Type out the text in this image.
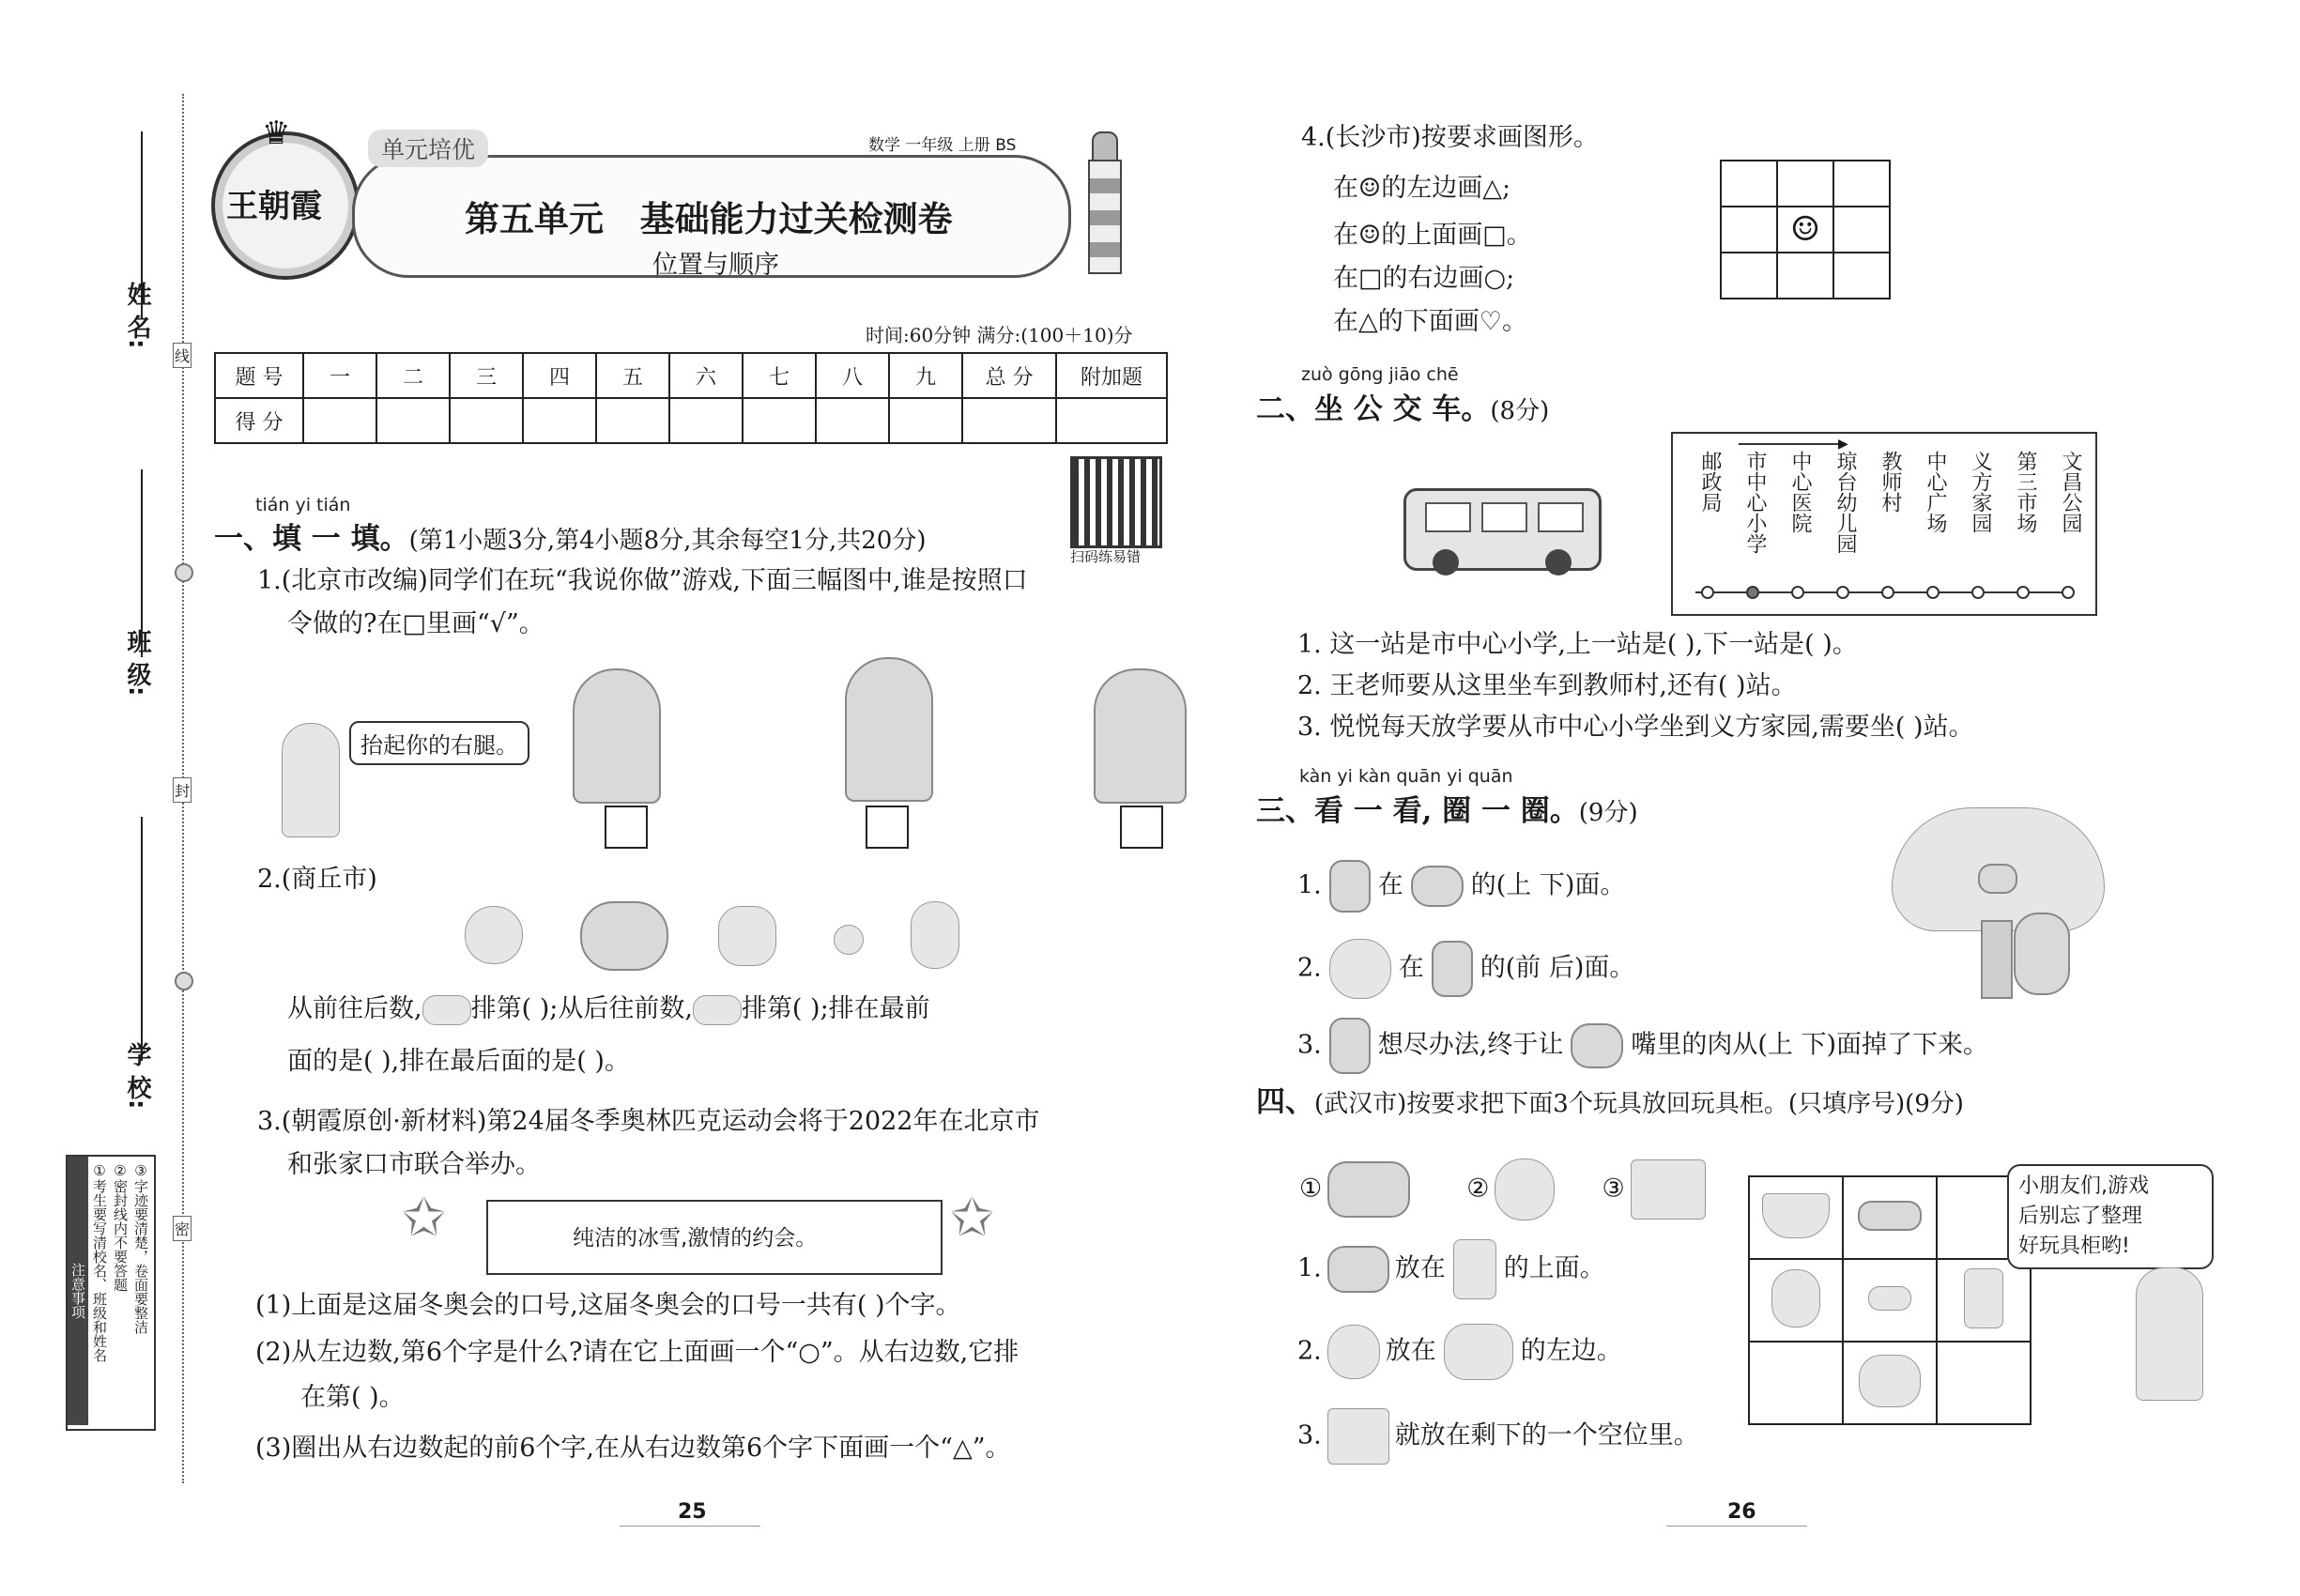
姓 名:
班 级:
学 校:
线
封
密
注意事项 ①考生要写清校名、班级和姓名 ②密封线内不要答题 ③字迹要清楚，卷面要整洁
♛
王朝霞
单元培优	数学 一年级 上册 BS
第五单元   基础能力过关检测卷
位置与顺序
时间:60分钟 满分:(100＋10)分
题 号	一	二	三	四	五	六	七	八	九	总 分	附加题
得 分											
扫码练易错
tián yi tián
一、填 一 填。(第1小题3分,第4小题8分,其余每空1分,共20分)
1.(北京市改编)同学们在玩“我说你做”游戏,下面三幅图中,谁是按照口
令做的?在□里画“√”。
抬起你的右腿。
2.(商丘市)
从前往后数, 排第( );从后往前数, 排第( );排在最前
面的是( ),排在最后面的是( )。
3.(朝霞原创·新材料)第24届冬季奥林匹克运动会将于2022年在北京市
和张家口市联合举办。
✩	纯洁的冰雪,激情的约会。	✩
(1)上面是这届冬奥会的口号,这届冬奥会的口号一共有( )个字。
(2)从左边数,第6个字是什么?请在它上面画一个“○”。从右边数,它排
在第( )。
(3)圈出从右边数起的前6个字,在从右边数第6个字下面画一个“△”。
25
4.(长沙市)按要求画图形。
在☺的左边画△;
在☺的上面画□。
在□的右边画○;
在△的下面画♡。

	☺	

zuò gōng jiāo chē
二、坐 公 交 车。(8分)
邮政局 市中心小学 中心医院 琼台幼儿园 教师村 中心广场 义方家园 第三市场 文昌公园
▶
1. 这一站是市中心小学,上一站是( ),下一站是( )。
2. 王老师要从这里坐车到教师村,还有( )站。
3. 悦悦每天放学要从市中心小学坐到义方家园,需要坐( )站。
kàn yi kàn quān yi quān
三、看 一 看, 圈 一 圈。(9分)
1. 在	的(上 下)面。
2.	在 的(前 后)面。
3. 想尽办法,终于让	嘴里的肉从(上 下)面掉了下来。
四、(武汉市)按要求把下面3个玩具放回玩具柜。(只填序号)(9分)
①	②	③

			小朋友们,游戏
后别忘了整理
好玩具柜哟!
1.	放在 的上面。
2.	放在	的左边。
3.	就放在剩下的一个空位里。
26
